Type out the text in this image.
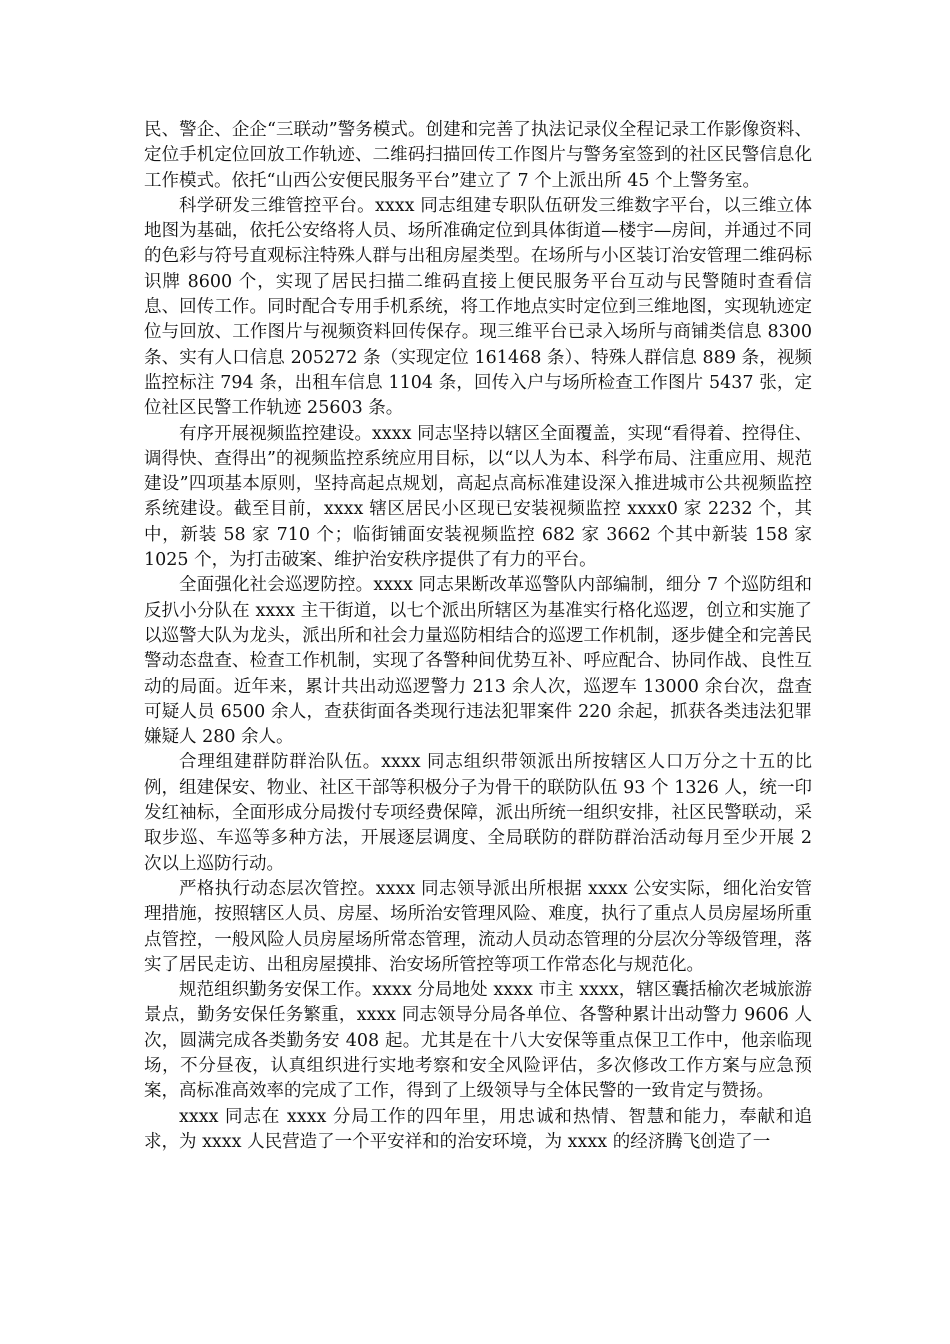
民、警企、企企“三联动”警务模式。创建和完善了执法记录仪全程记录工作影像资料、定位手机定位回放工作轨迹、二维码扫描回传工作图片与警务室签到的社区民警信息化工作模式。依托“山西公安便民服务平台”建立了 7 个上派出所 45 个上警务室。

科学研发三维管控平台。xxxx 同志组建专职队伍研发三维数字平台，以三维立体地图为基础，依托公安络将人员、场所准确定位到具体街道—楼宇—房间，并通过不同的色彩与符号直观标注特殊人群与出租房屋类型。在场所与小区装订治安管理二维码标识牌 8600 个，实现了居民扫描二维码直接上便民服务平台互动与民警随时查看信息、回传工作。同时配合专用手机系统，将工作地点实时定位到三维地图，实现轨迹定位与回放、工作图片与视频资料回传保存。现三维平台已录入场所与商铺类信息 8300 条、实有人口信息 205272 条（实现定位 161468 条）、特殊人群信息 889 条，视频监控标注 794 条，出租车信息 1104 条，回传入户与场所检查工作图片 5437 张，定位社区民警工作轨迹 25603 条。

有序开展视频监控建设。xxxx 同志坚持以辖区全面覆盖，实现“看得着、控得住、调得快、查得出”的视频监控系统应用目标，以“以人为本、科学布局、注重应用、规范建设”四项基本原则，坚持高起点规划，高起点高标准建设深入推进城市公共视频监控系统建设。截至目前，xxxx 辖区居民小区现已安装视频监控 xxxx0 家 2232 个，其中，新装 58 家 710 个；临街铺面安装视频监控 682 家 3662 个其中新装 158 家 1025 个，为打击破案、维护治安秩序提供了有力的平台。

全面强化社会巡逻防控。xxxx 同志果断改革巡警队内部编制，细分 7 个巡防组和反扒小分队在 xxxx 主干街道，以七个派出所辖区为基准实行格化巡逻，创立和实施了以巡警大队为龙头，派出所和社会力量巡防相结合的巡逻工作机制，逐步健全和完善民警动态盘查、检查工作机制，实现了各警种间优势互补、呼应配合、协同作战、良性互动的局面。近年来，累计共出动巡逻警力 213 余人次，巡逻车 13000 余台次，盘查可疑人员 6500 余人，查获街面各类现行违法犯罪案件 220 余起，抓获各类违法犯罪嫌疑人 280 余人。

合理组建群防群治队伍。xxxx 同志组织带领派出所按辖区人口万分之十五的比例，组建保安、物业、社区干部等积极分子为骨干的联防队伍 93 个 1326 人，统一印发红袖标，全面形成分局拨付专项经费保障，派出所统一组织安排，社区民警联动，采取步巡、车巡等多种方法，开展逐层调度、全局联防的群防群治活动每月至少开展 2 次以上巡防行动。

严格执行动态层次管控。xxxx 同志领导派出所根据 xxxx 公安实际，细化治安管理措施，按照辖区人员、房屋、场所治安管理风险、难度，执行了重点人员房屋场所重点管控，一般风险人员房屋场所常态管理，流动人员动态管理的分层次分等级管理，落实了居民走访、出租房屋摸排、治安场所管控等项工作常态化与规范化。

规范组织勤务安保工作。xxxx 分局地处 xxxx 市主 xxxx，辖区囊括榆次老城旅游景点，勤务安保任务繁重，xxxx 同志领导分局各单位、各警种累计出动警力 9606 人次，圆满完成各类勤务安 408 起。尤其是在十八大安保等重点保卫工作中，他亲临现场，不分昼夜，认真组织进行实地考察和安全风险评估，多次修改工作方案与应急预案，高标准高效率的完成了工作，得到了上级领导与全体民警的一致肯定与赞扬。

xxxx 同志在 xxxx 分局工作的四年里，用忠诚和热情、智慧和能力，奉献和追求，为 xxxx 人民营造了一个平安祥和的治安环境，为 xxxx 的经济腾飞创造了一
